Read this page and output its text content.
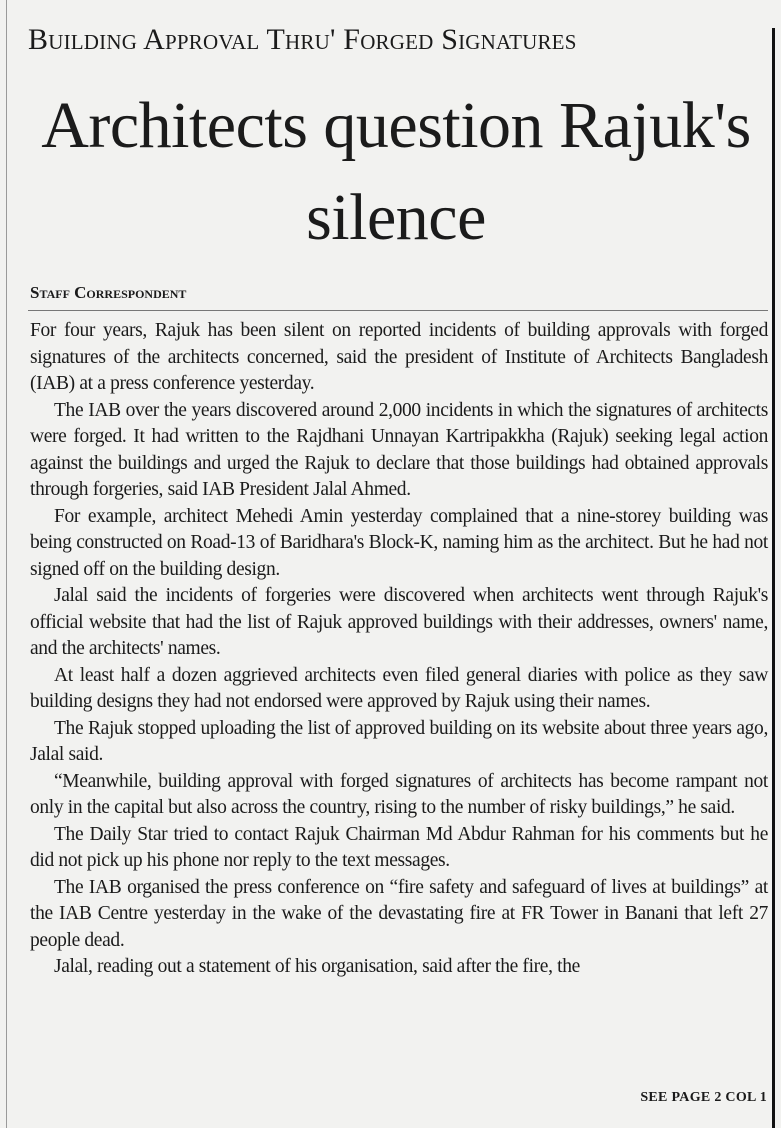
Building Approval Thru' Forged Signatures
Architects question Rajuk's silence
Staff Correspondent

For four years, Rajuk has been silent on reported incidents of building approvals with forged signatures of the architects concerned, said the president of Institute of Architects Bangladesh (IAB) at a press conference yesterday.

The IAB over the years discovered around 2,000 incidents in which the signatures of architects were forged. It had written to the Rajdhani Unnayan Kartripakkha (Rajuk) seeking legal action against the buildings and urged the Rajuk to declare that those buildings had obtained approvals through forgeries, said IAB President Jalal Ahmed.

For example, architect Mehedi Amin yesterday complained that a nine-storey building was being constructed on Road-13 of Baridhara's Block-K, naming him as the architect. But he had not signed off on the building design.

Jalal said the incidents of forgeries were discovered when architects went through Rajuk's official website that had the list of Rajuk approved buildings with their addresses, owners' name, and the architects' names.

At least half a dozen aggrieved architects even filed general diaries with police as they saw building designs they had not endorsed were approved by Rajuk using their names.

The Rajuk stopped uploading the list of approved building on its website about three years ago, Jalal said.

“Meanwhile, building approval with forged signatures of architects has become rampant not only in the capital but also across the country, rising to the number of risky buildings,” he said.

The Daily Star tried to contact Rajuk Chairman Md Abdur Rahman for his comments but he did not pick up his phone nor reply to the text messages.

The IAB organised the press conference on “fire safety and safeguard of lives at buildings” at the IAB Centre yesterday in the wake of the devastating fire at FR Tower in Banani that left 27 people dead.

Jalal, reading out a statement of his organisation, said after the fire, the

SEE PAGE 2 COL 1
